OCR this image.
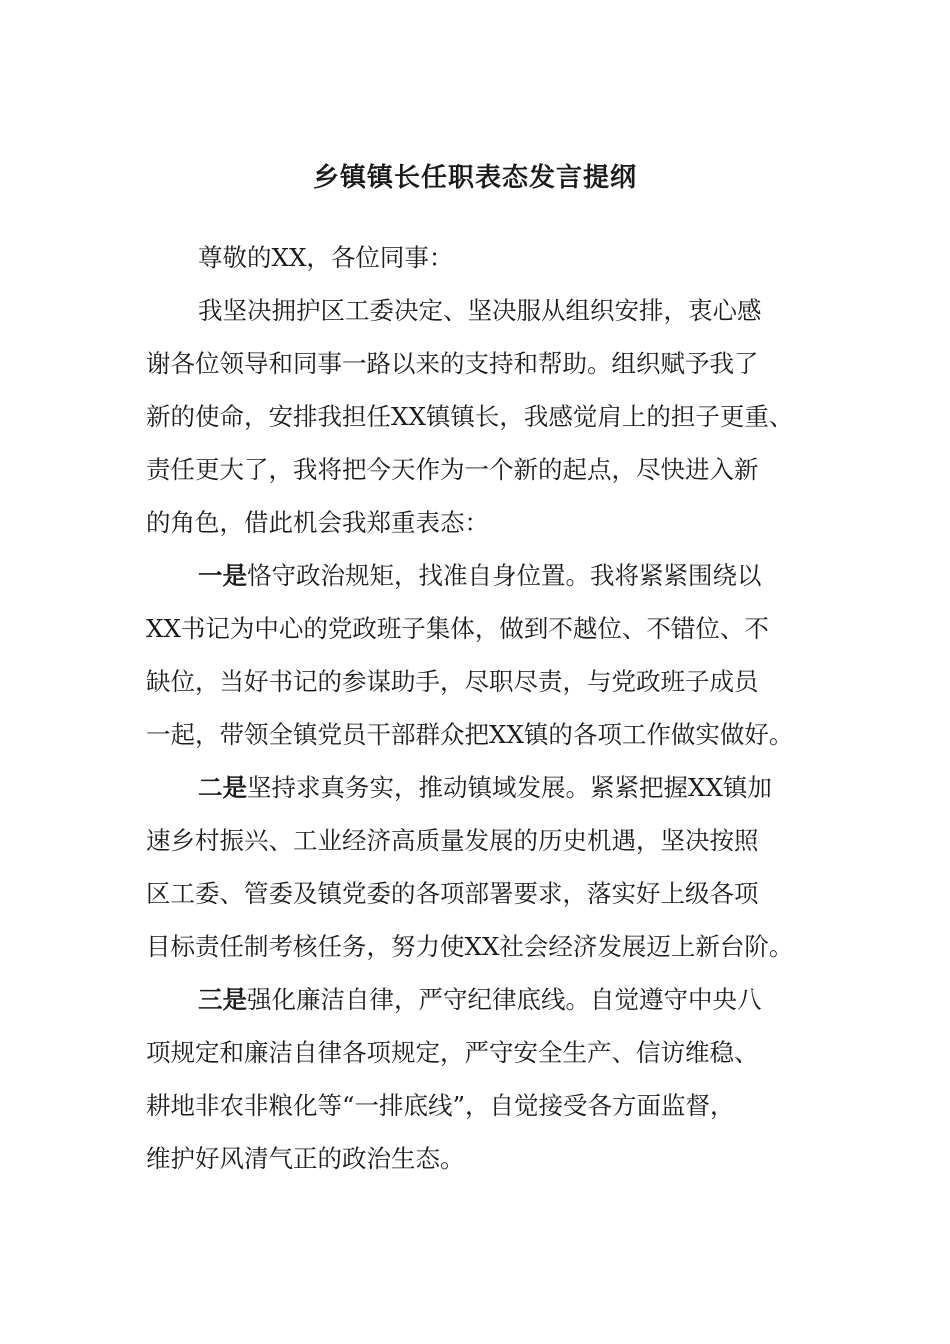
乡镇镇长任职表态发言提纲

尊敬的XX，各位同事：

我坚决拥护区工委决定、坚决服从组织安排，衷心感

谢各位领导和同事一路以来的支持和帮助。组织赋予我了

新的使命，安排我担任XX镇镇长，我感觉肩上的担子更重、

责任更大了，我将把今天作为一个新的起点，尽快进入新

的角色，借此机会我郑重表态：

一是恪守政治规矩，找准自身位置。我将紧紧围绕以

XX书记为中心的党政班子集体，做到不越位、不错位、不

缺位，当好书记的参谋助手，尽职尽责，与党政班子成员

一起，带领全镇党员干部群众把XX镇的各项工作做实做好。

二是坚持求真务实，推动镇域发展。紧紧把握XX镇加

速乡村振兴、工业经济高质量发展的历史机遇，坚决按照

区工委、管委及镇党委的各项部署要求，落实好上级各项

目标责任制考核任务，努力使XX社会经济发展迈上新台阶。

三是强化廉洁自律，严守纪律底线。自觉遵守中央八

项规定和廉洁自律各项规定，严守安全生产、信访维稳、

耕地非农非粮化等“一排底线”，自觉接受各方面监督，

维护好风清气正的政治生态。
